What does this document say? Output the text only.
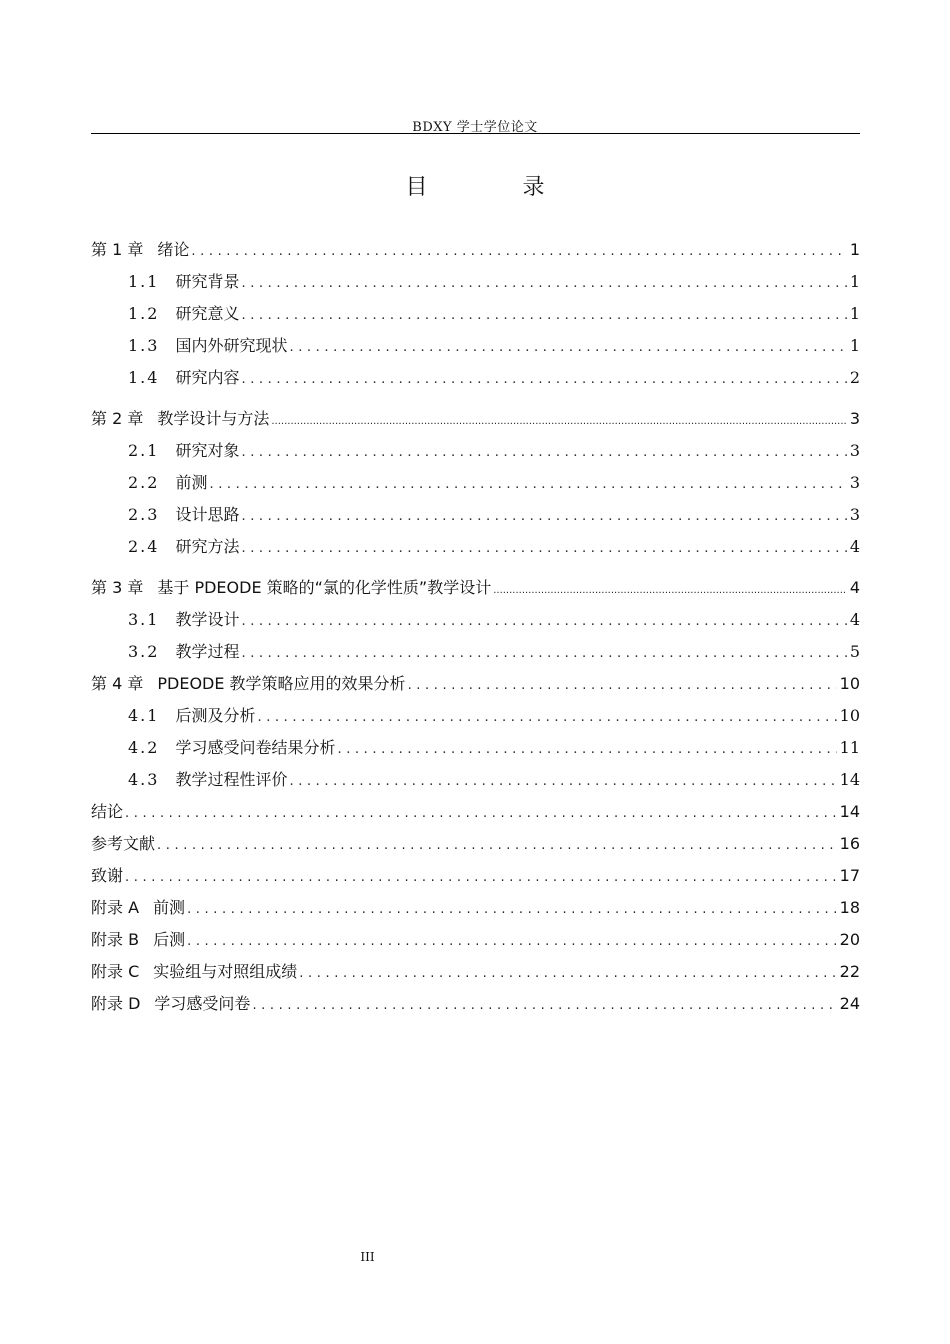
BDXY 学士学位论文
目 录
第 1 章 绪论 .....	1
1.1 研究背景 .....	1
1.2 研究意义 .....	1
1.3 国内外研究现状 .....	1
1.4 研究内容 .....	2
第 2 章 教学设计与方法 .....	3
2.1 研究对象 .....	3
2.2 前测 .....	3
2.3 设计思路 .....	3
2.4 研究方法 .....	4
第 3 章 基于 PDEODE 策略的“氯的化学性质”教学设计 .....	4
3.1 教学设计 .....	4
3.2 教学过程 .....	5
第 4 章 PDEODE 教学策略应用的效果分析 .....	10
4.1 后测及分析 .....	10
4.2 学习感受问卷结果分析 .....	11
4.3 教学过程性评价 .....	14
结论 .....	14
参考文献 .....	16
致谢 .....	17
附录 A 前测 .....	18
附录 B 后测 .....	20
附录 C 实验组与对照组成绩 .....	22
附录 D 学习感受问卷 .....	24
III
